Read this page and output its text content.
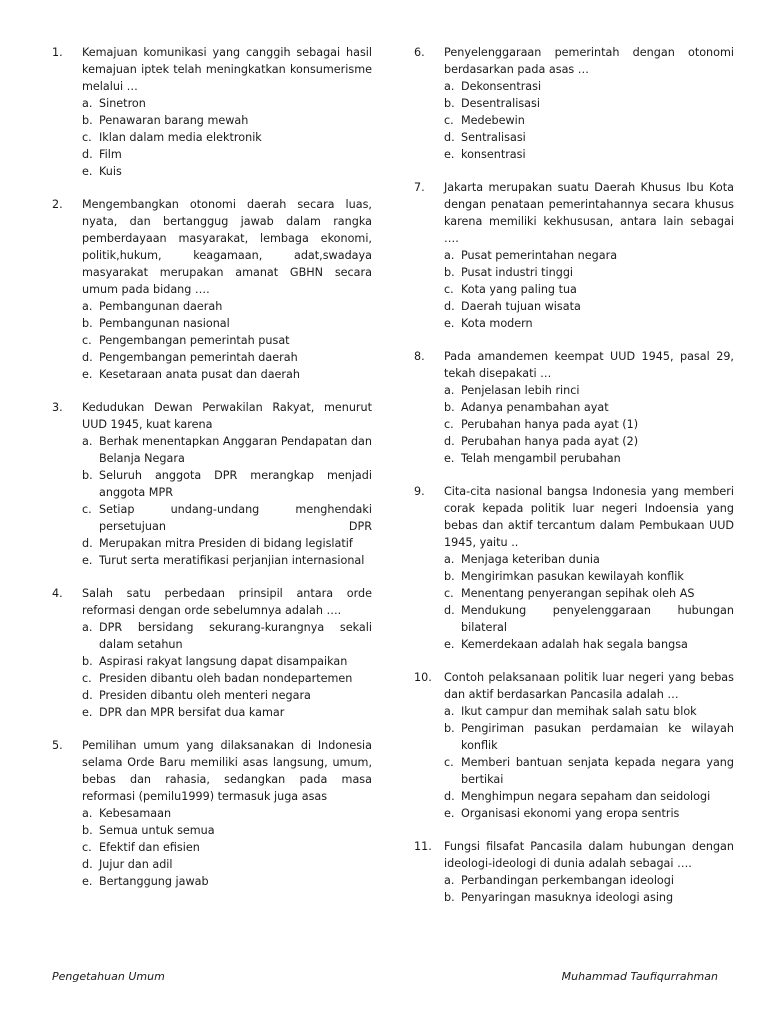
1.	Kemajuan komunikasi yang canggih sebagai hasil kemajuan iptek telah meningkatkan konsumerisme melalui …
a. Sinetron
b. Penawaran barang mewah
c. Iklan dalam media elektronik
d. Film
e. Kuis
2.	Mengembangkan otonomi daerah secara luas, nyata, dan bertanggug jawab dalam rangka pemberdayaan masyarakat, lembaga ekonomi, politik,hukum, keagamaan, adat,swadaya masyarakat merupakan amanat GBHN secara umum pada bidang ….
a. Pembangunan daerah
b. Pembangunan nasional
c. Pengembangan pemerintah pusat
d. Pengembangan pemerintah daerah
e. Kesetaraan anata pusat dan daerah
3.	Kedudukan Dewan Perwakilan Rakyat, menurut UUD 1945, kuat karena
a. Berhak menentapkan Anggaran Pendapatan dan Belanja Negara
b. Seluruh anggota DPR merangkap menjadi anggota MPR
c. Setiap undang-undang menghendaki persetujuan DPR
d. Merupakan mitra Presiden di bidang legislatif
e. Turut serta meratifikasi perjanjian internasional
4.	Salah satu perbedaan prinsipil antara orde reformasi dengan orde sebelumnya adalah ….
a. DPR bersidang sekurang-kurangnya sekali dalam setahun
b. Aspirasi rakyat langsung dapat disampaikan
c. Presiden dibantu oleh badan nondepartemen
d. Presiden dibantu oleh menteri negara
e. DPR dan MPR bersifat dua kamar
5.	Pemilihan umum yang dilaksanakan di Indonesia selama Orde Baru memiliki asas langsung, umum, bebas dan rahasia, sedangkan pada masa reformasi (pemilu1999) termasuk juga asas
a. Kebesamaan
b. Semua untuk semua
c. Efektif dan efisien
d. Jujur dan adil
e. Bertanggung jawab
6.	Penyelenggaraan pemerintah dengan otonomi berdasarkan pada asas …
a. Dekonsentrasi
b. Desentralisasi
c. Medebewin
d. Sentralisasi
e. konsentrasi
7.	Jakarta merupakan suatu Daerah Khusus Ibu Kota dengan penataan pemerintahannya secara khusus karena memiliki kekhususan, antara lain sebagai ….
a. Pusat pemerintahan negara
b. Pusat industri tinggi
c. Kota yang paling tua
d. Daerah tujuan wisata
e. Kota modern
8.	Pada amandemen keempat UUD 1945, pasal 29, tekah disepakati …
a. Penjelasan lebih rinci
b. Adanya penambahan ayat
c. Perubahan hanya pada ayat (1)
d. Perubahan hanya pada ayat (2)
e. Telah mengambil perubahan
9.	Cita-cita nasional bangsa Indonesia yang memberi corak kepada politik luar negeri Indoensia yang bebas dan aktif tercantum dalam Pembukaan UUD 1945, yaitu ..
a. Menjaga keteriban dunia
b. Mengirimkan pasukan kewilayah konflik
c. Menentang penyerangan sepihak oleh AS
d. Mendukung penyelenggaraan hubungan bilateral
e. Kemerdekaan adalah hak segala bangsa
10.	Contoh pelaksanaan politik luar negeri yang bebas dan aktif berdasarkan Pancasila adalah …
a. Ikut campur dan memihak salah satu blok
b. Pengiriman pasukan perdamaian ke wilayah konflik
c. Memberi bantuan senjata kepada negara yang bertikai
d. Menghimpun negara sepaham dan seidologi
e. Organisasi ekonomi yang eropa sentris
11.	Fungsi filsafat Pancasila dalam hubungan dengan ideologi-ideologi di dunia adalah sebagai ….
a. Perbandingan perkembangan ideologi
b. Penyaringan masuknya ideologi asing
Pengetahuan Umum	Muhammad Taufiqurrahman
